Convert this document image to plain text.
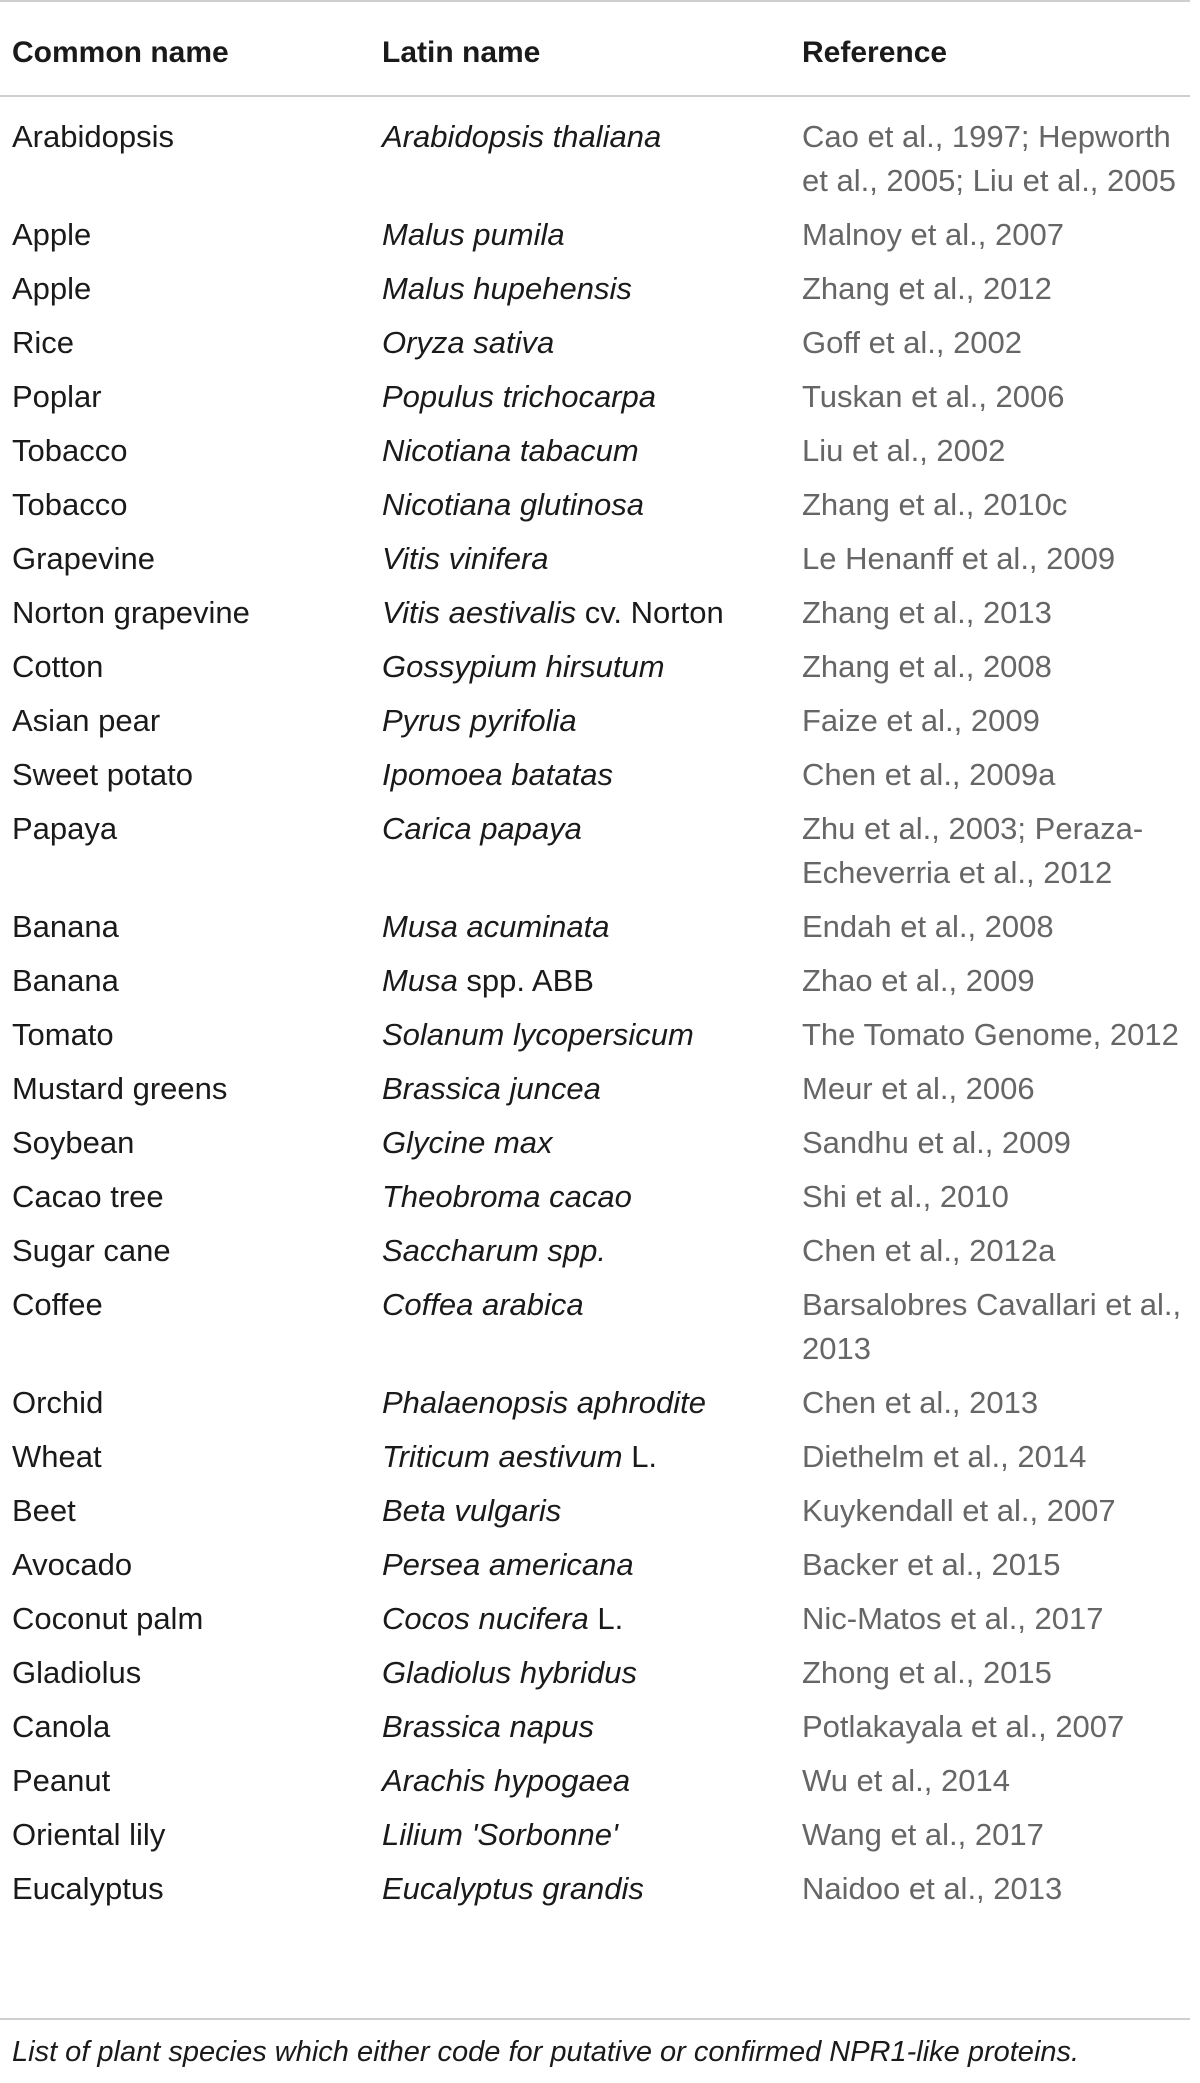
Common name	Latin name	Reference
Arabidopsis	Arabidopsis thaliana	Cao et al., 1997; Hepworth et al., 2005; Liu et al., 2005
Apple	Malus pumila	Malnoy et al., 2007
Apple	Malus hupehensis	Zhang et al., 2012
Rice	Oryza sativa	Goff et al., 2002
Poplar	Populus trichocarpa	Tuskan et al., 2006
Tobacco	Nicotiana tabacum	Liu et al., 2002
Tobacco	Nicotiana glutinosa	Zhang et al., 2010c
Grapevine	Vitis vinifera	Le Henanff et al., 2009
Norton grapevine	Vitis aestivalis cv. Norton	Zhang et al., 2013
Cotton	Gossypium hirsutum	Zhang et al., 2008
Asian pear	Pyrus pyrifolia	Faize et al., 2009
Sweet potato	Ipomoea batatas	Chen et al., 2009a
Papaya	Carica papaya	Zhu et al., 2003; Peraza-Echeverria et al., 2012
Banana	Musa acuminata	Endah et al., 2008
Banana	Musa spp. ABB	Zhao et al., 2009
Tomato	Solanum lycopersicum	The Tomato Genome, 2012
Mustard greens	Brassica juncea	Meur et al., 2006
Soybean	Glycine max	Sandhu et al., 2009
Cacao tree	Theobroma cacao	Shi et al., 2010
Sugar cane	Saccharum spp.	Chen et al., 2012a
Coffee	Coffea arabica	Barsalobres Cavallari et al., 2013
Orchid	Phalaenopsis aphrodite	Chen et al., 2013
Wheat	Triticum aestivum L.	Diethelm et al., 2014
Beet	Beta vulgaris	Kuykendall et al., 2007
Avocado	Persea americana	Backer et al., 2015
Coconut palm	Cocos nucifera L.	Nic-Matos et al., 2017
Gladiolus	Gladiolus hybridus	Zhong et al., 2015
Canola	Brassica napus	Potlakayala et al., 2007
Peanut	Arachis hypogaea	Wu et al., 2014
Oriental lily	Lilium 'Sorbonne'	Wang et al., 2017
Eucalyptus	Eucalyptus grandis	Naidoo et al., 2013
List of plant species which either code for putative or confirmed NPR1-like proteins.
